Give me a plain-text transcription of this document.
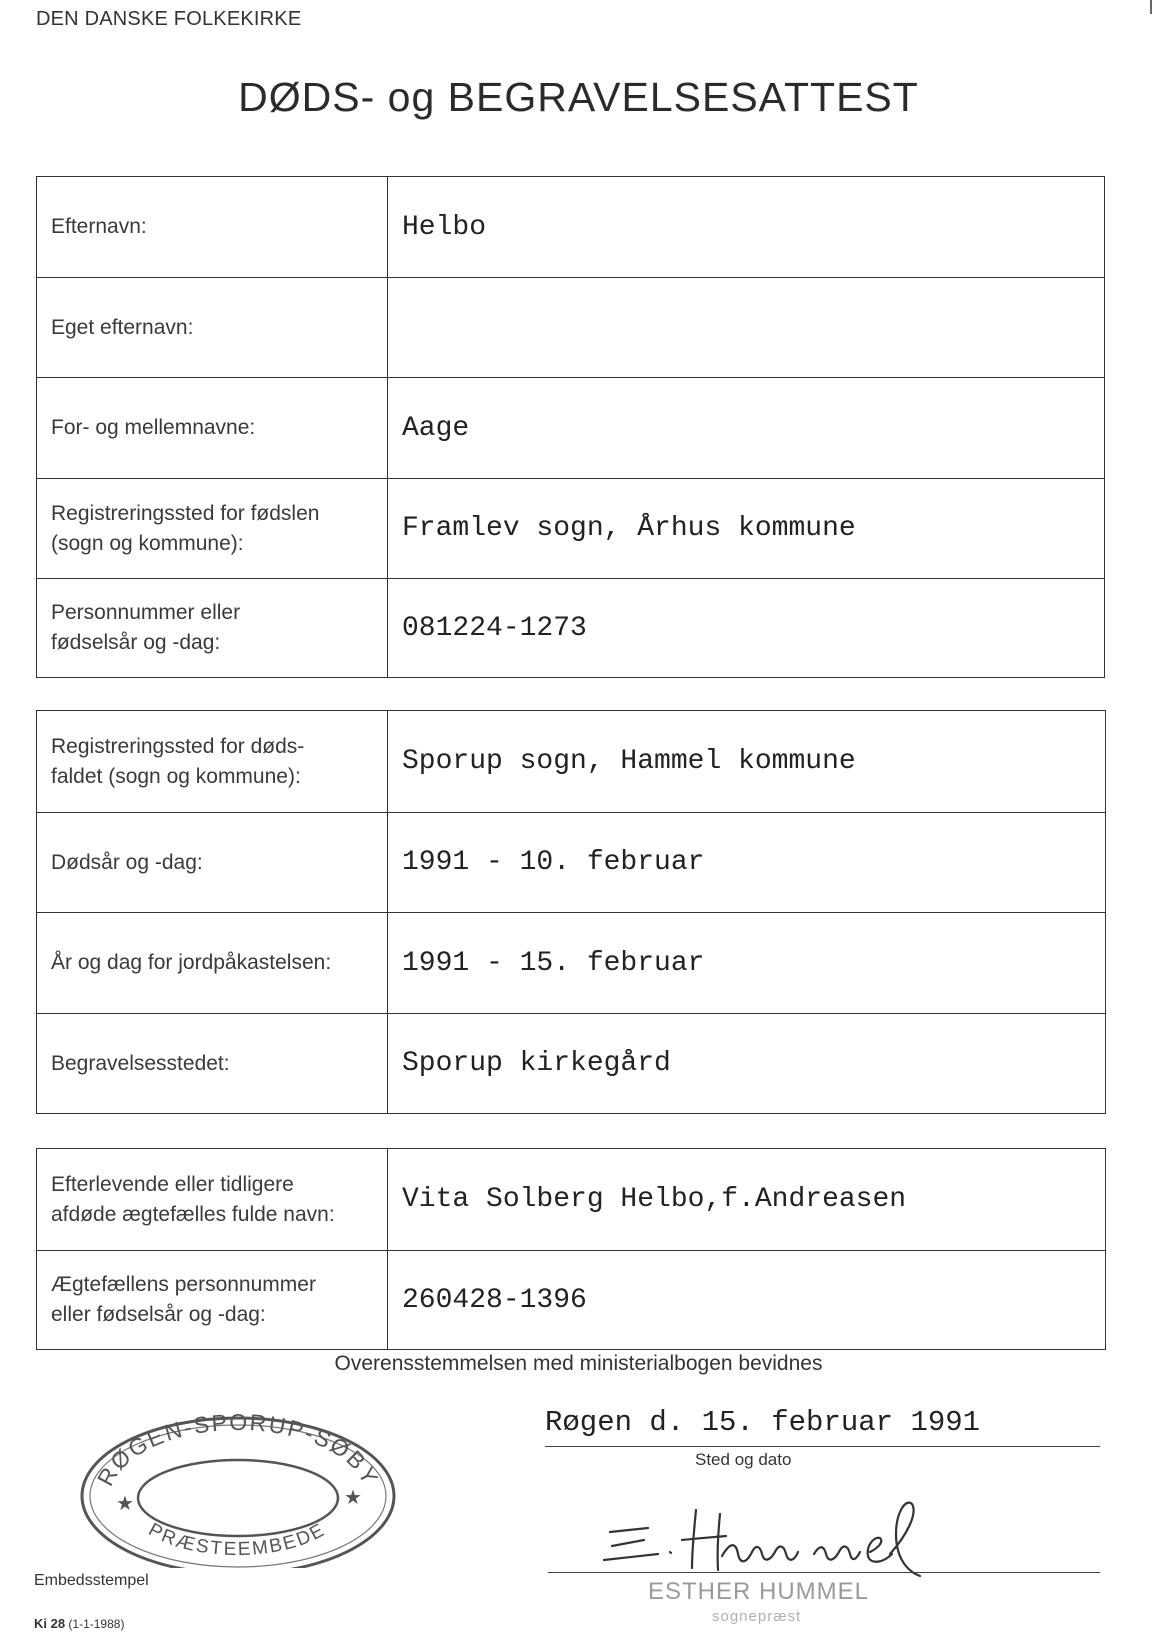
DEN DANSKE FOLKEKIRKE
DØDS- og BEGRAVELSESATTEST
Efternavn:	Helbo
Eget efternavn:	
For- og mellemnavne:	Aage
Registreringssted for fødslen
(sogn og kommune):	Framlev sogn, Århus kommune
Personnummer eller
fødselsår og -dag:	081224-1273
Registreringssted for døds-
faldet (sogn og kommune):	Sporup sogn, Hammel kommune
Dødsår og -dag:	1991 - 10. februar
År og dag for jordpåkastelsen:	1991 - 15. februar
Begravelsesstedet:	Sporup kirkegård
Efterlevende eller tidligere
afdøde ægtefælles fulde navn:	Vita Solberg Helbo,f.Andreasen
Ægtefællens personnummer
eller fødselsår og -dag:	260428-1396
Overensstemmelsen med ministerialbogen bevidnes
RØGEN-SPORUP-SØBY
PRÆSTEEMBEDE
★	★
Røgen d. 15. februar 1991
Sted og dato
ESTHER HUMMEL
sognepræst
Embedsstempel
Ki 28 (1-1-1988)
